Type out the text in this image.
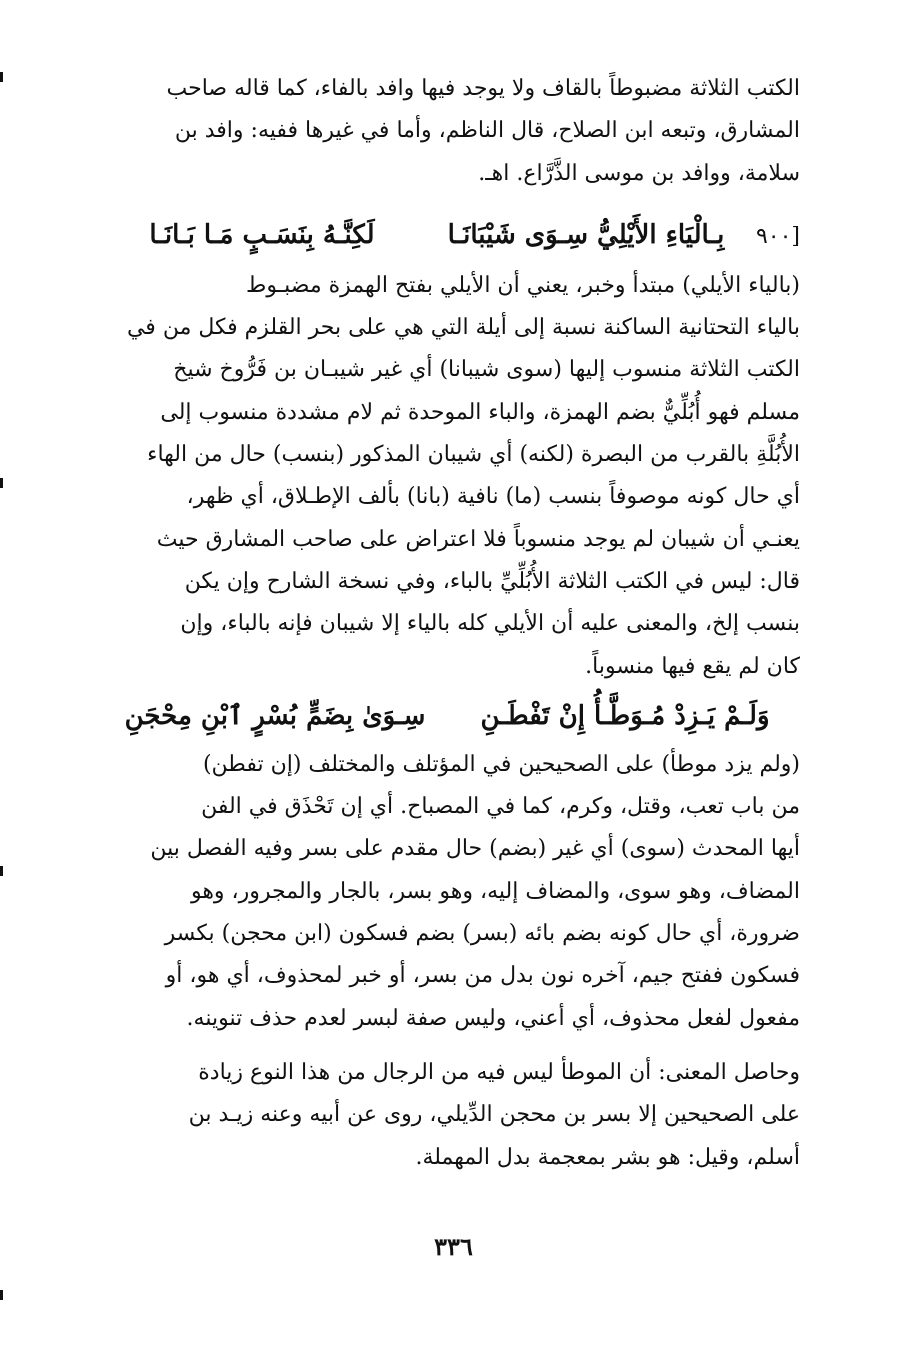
الكتب الثلاثة مضبوطاً بالقاف ولا يوجد فيها وافد بالفاء، كما قاله صاحب
المشارق، وتبعه ابن الصلاح، قال الناظم، وأما في غيرها ففيه: وافد بن
سلامة، ووافد بن موسى الذَّرَّاع. اهـ.
[٩٠٠
بِـالْيَاءِ الأَيْلِيُّ سِـوَى شَيْبَانَـا
لَكِنَّـهُ بِنَسَـبٍ مَـا بَـانَـا
(بالياء الأيلي) مبتدأ وخبر، يعني أن الأيلي بفتح الهمزة مضبـوط
بالياء التحتانية الساكنة نسبة إلى أيلة التي هي على بحر القلزم فكل من في
الكتب الثلاثة منسوب إليها (سوى شيبانا) أي غير شيبـان بن فَرُّوخ شيخ
مسلم فهو أُبُلِّيٌّ بضم الهمزة، والباء الموحدة ثم لام مشددة منسوب إلى
الأُبُلَّةِ بالقرب من البصرة (لكنه) أي شيبان المذكور (بنسب) حال من الهاء
أي حال كونه موصوفاً بنسب (ما) نافية (بانا) بألف الإطـلاق، أي ظهر،
يعنـي أن شيبان لم يوجد منسوباً فلا اعتراض على صاحب المشارق حيث
قال: ليس في الكتب الثلاثة الأُبُلِّيِّ بالباء، وفي نسخة الشارح وإن يكن
بنسب إلخ، والمعنى عليه أن الأيلي كله بالياء إلا شيبان فإنه بالباء، وإن
كان لم يقع فيها منسوباً.
وَلَـمْ يَـزِدْ مُـوَطَّـأُ إِنْ تَفْطَـنِ
سِـوَىٰ بِضَمٍّ بُسْرٍ ٱبْنِ مِحْجَنِ
(ولم يزد موطأ) على الصحيحين في المؤتلف والمختلف (إن تفطن)
من باب تعب، وقتل، وكرم، كما في المصباح. أي إن تَحْذَق في الفن
أيها المحدث (سوى) أي غير (بضم) حال مقدم على بسر وفيه الفصل بين
المضاف، وهو سوى، والمضاف إليه، وهو بسر، بالجار والمجرور، وهو
ضرورة، أي حال كونه بضم بائه (بسر) بضم فسكون (ابن محجن) بكسر
فسكون ففتح جيم، آخره نون بدل من بسر، أو خبر لمحذوف، أي هو، أو
مفعول لفعل محذوف، أي أعني، وليس صفة لبسر لعدم حذف تنوينه.
وحاصل المعنى: أن الموطأ ليس فيه من الرجال من هذا النوع زيادة
على الصحيحين إلا بسر بن محجن الدِّيلي، روى عن أبيه وعنه زيـد بن
أسلم، وقيل: هو بشر بمعجمة بدل المهملة.
٣٣٦
